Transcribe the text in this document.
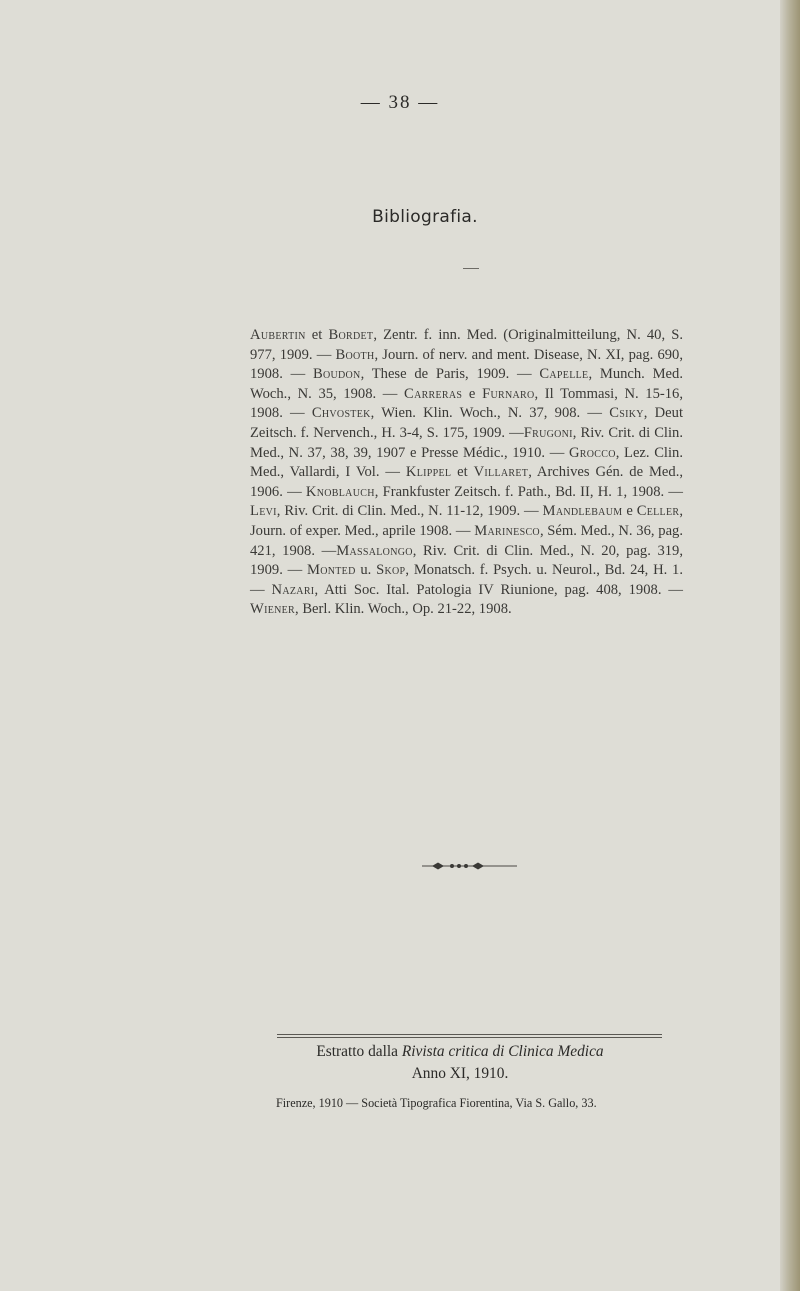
— 38 —
Bibliografia.

Aubertin et Bordet, Zentr. f. inn. Med. (Originalmitteilung, N. 40, S. 977, 1909. — Booth, Journ. of nerv. and ment. Disease, N. XI, pag. 690, 1908. — Boudon, These de Paris, 1909. — Capelle, Munch. Med. Woch., N. 35, 1908. — Carreras e Furnaro, Il Tommasi, N. 15-16, 1908. — Chvostek, Wien. Klin. Woch., N. 37, 908. — Csiky, Deut Zeitsch. f. Nervench., H. 3-4, S. 175, 1909. —Frugoni, Riv. Crit. di Clin. Med., N. 37, 38, 39, 1907 e Presse Médic., 1910. — Grocco, Lez. Clin. Med., Vallardi, I Vol. — Klippel et Villaret, Archives Gén. de Med., 1906. — Knoblauch, Frankfuster Zeitsch. f. Path., Bd. II, H. 1, 1908. — Levi, Riv. Crit. di Clin. Med., N. 11-12, 1909. — Mandlebaum e Celler, Journ. of exper. Med., aprile 1908. — Marinesco, Sém. Med., N. 36, pag. 421, 1908. —Massalongo, Riv. Crit. di Clin. Med., N. 20, pag. 319, 1909. — Monted u. Skop, Monatsch. f. Psych. u. Neurol., Bd. 24, H. 1. — Nazari, Atti Soc. Ital. Patologia IV Riunione, pag. 408, 1908. — Wiener, Berl. Klin. Woch., Op. 21-22, 1908.

Estratto dalla Rivista critica di Clinica Medica
Anno XI, 1910.
Firenze, 1910 — Società Tipografica Fiorentina, Via S. Gallo, 33.
